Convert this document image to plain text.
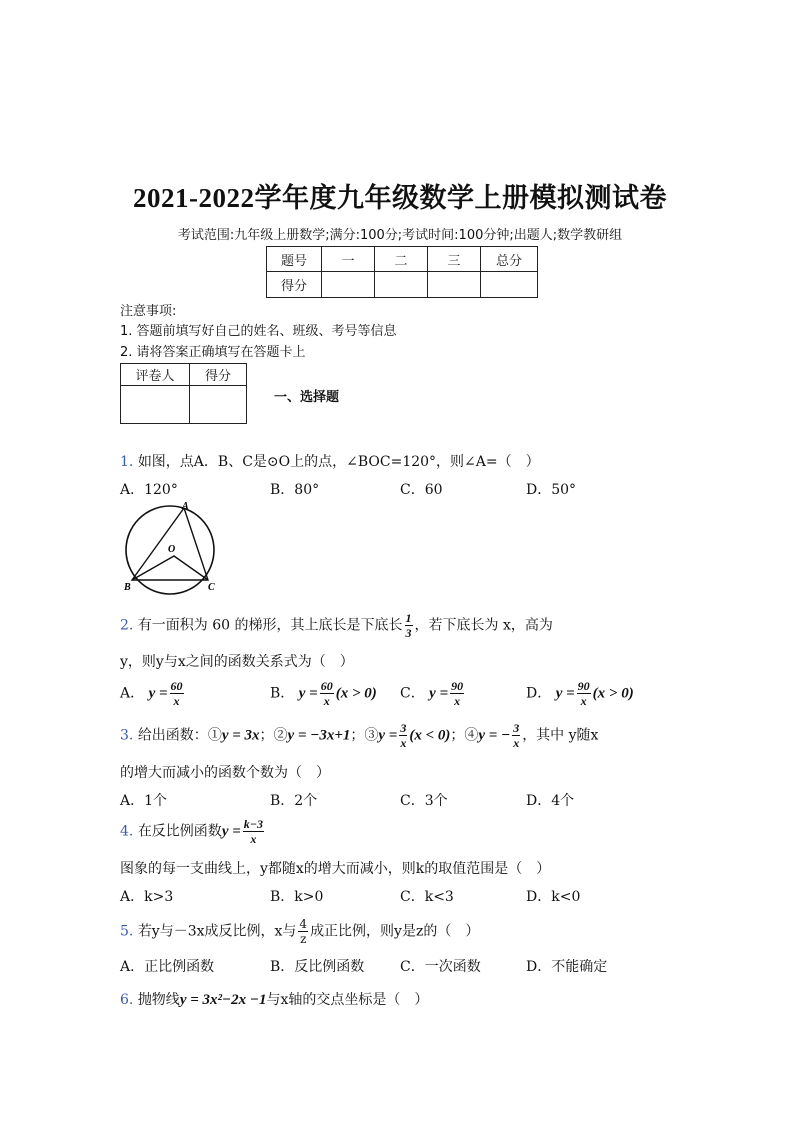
2021-2022学年度九年级数学上册模拟测试卷
考试范围:九年级上册数学;满分:100分;考试时间:100分钟;出题人;数学教研组
题号	一	二	三	总分
得分				
注意事项:
1. 答题前填写好自己的姓名、班级、考号等信息
2. 请将答案正确填写在答题卡上
评卷人	得分

一、选择题
1. 如图，点A．B、C是⊙O上的点，∠BOC=120°，则∠A=（　）
A．120°	B．80°	C．60	D．50°
A
O
B	C
2. 有一面积为 60 的梯形，其上底长是下底长 $\frac{1}{3}$ ，若下底长为 x，高为
y，则y与x之间的函数关系式为（　）
A． $y = \frac{60}{x}$	B． $y = \frac{60}{x} (x > 0)$ C． $y = \frac{90}{x}$	D． $y = \frac{90}{x} (x > 0)$
3. 给出函数：①y = 3x；②y = −3x+1；③y = $\frac{3}{x} (x < 0)$；④y = − $\frac{3}{x}$ ，其中 y随x
的增大而减小的函数个数为（　）
A．1个	B．2个	C．3个	D．4个
4. 在反比例函数$y = \frac{k-3}{x}$
图象的每一支曲线上，y都随x的增大而减小，则k的取值范围是（　）
A．k>3	B．k>0	C．k<3	D．k<0
5. 若y与－3x成反比例，x与 $\frac{4}{z}$ 成正比例，则y是z的（　）
A．正比例函数	B．反比例函数	C．一次函数	D．不能确定
6. 抛物线y = 3x²−2x −1与x轴的交点坐标是（　）
